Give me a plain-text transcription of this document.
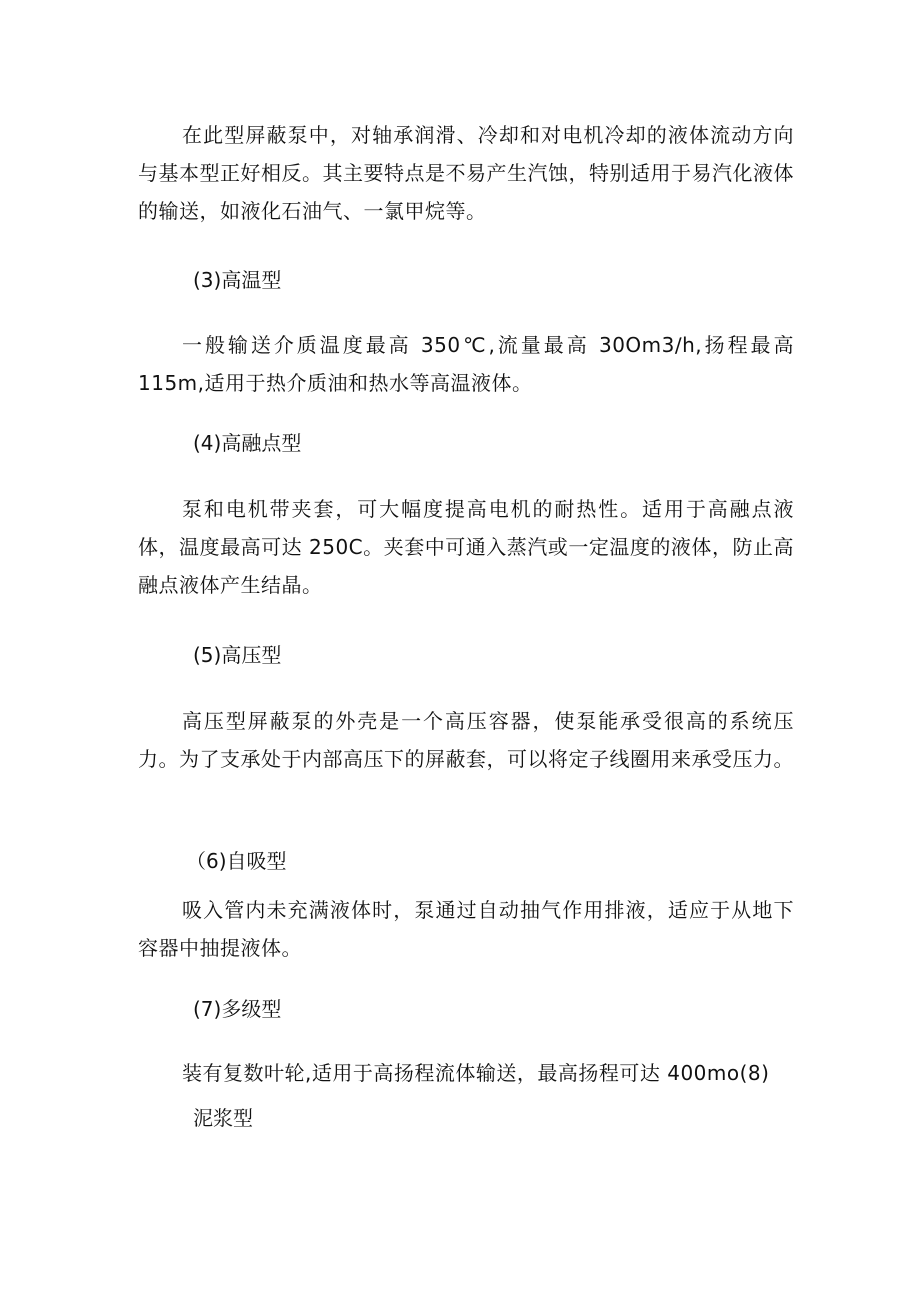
在此型屏蔽泵中，对轴承润滑、冷却和对电机冷却的液体流动方向与基本型正好相反。其主要特点是不易产生汽蚀，特别适用于易汽化液体的输送，如液化石油气、一氯甲烷等。

(3)高温型

一般输送介质温度最高 350℃,流量最高 30Om3∕h,扬程最高 115m,适用于热介质油和热水等高温液体。

(4)高融点型

泵和电机带夹套，可大幅度提高电机的耐热性。适用于高融点液体，温度最高可达 250C。夹套中可通入蒸汽或一定温度的液体，防止高融点液体产生结晶。

(5)高压型

高压型屏蔽泵的外壳是一个高压容器，使泵能承受很高的系统压力。为了支承处于内部高压下的屏蔽套，可以将定子线圈用来承受压力。

（6)自吸型

吸入管内未充满液体时，泵通过自动抽气作用排液，适应于从地下容器中抽提液体。

(7)多级型

装有复数叶轮,适用于高扬程流体输送，最高扬程可达 400mo(8)

泥浆型
